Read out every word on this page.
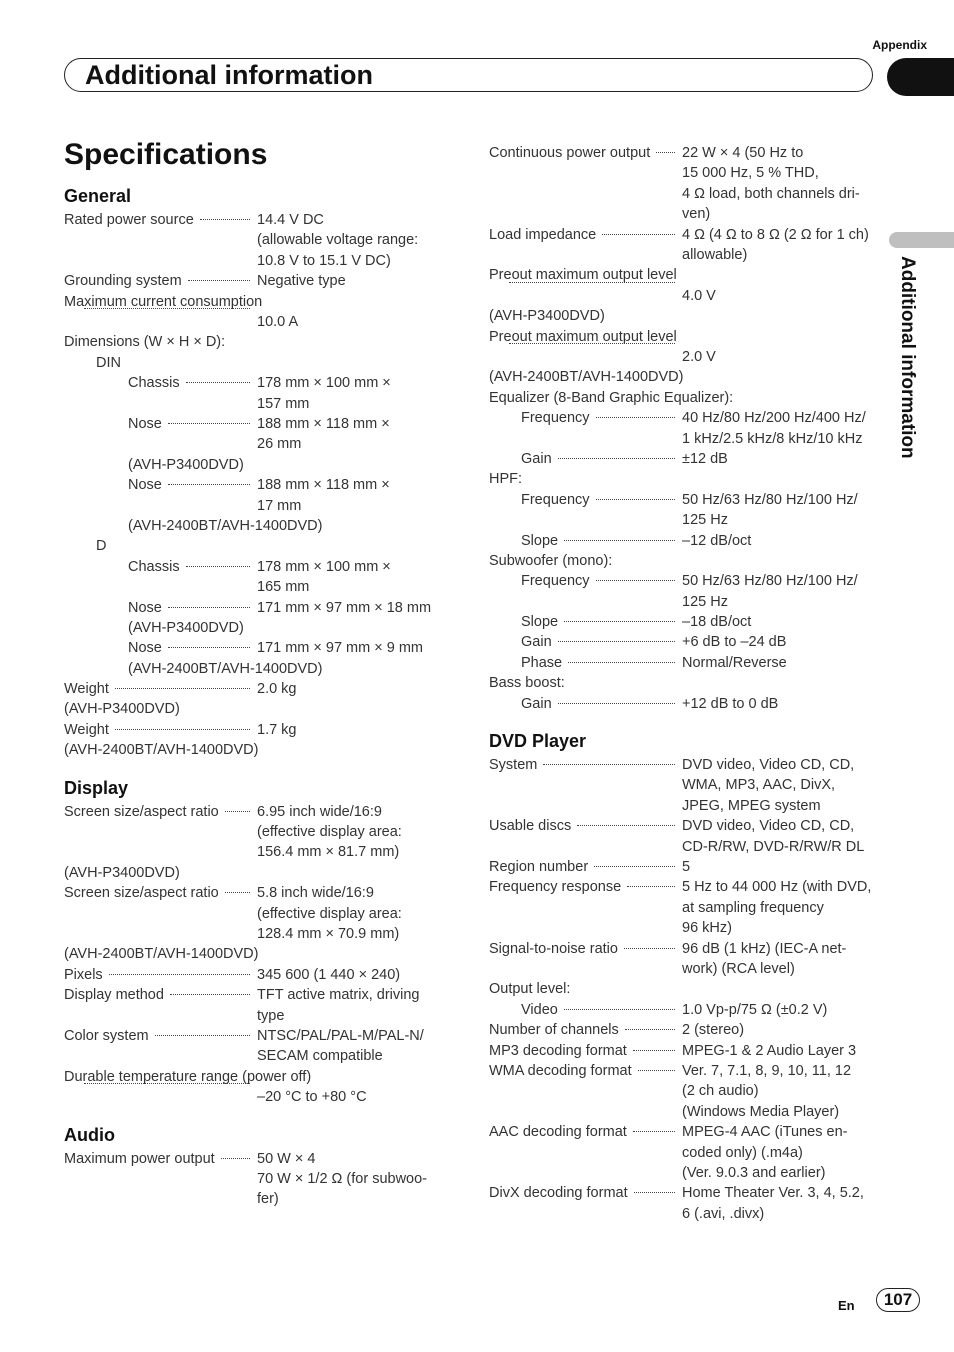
Appendix
Additional information
Additional information
Specifications
General
Rated power source	14.4 V DC
(allowable voltage range:
10.8 V to 15.1 V DC)
Grounding system	Negative type
Maximum current consumption
10.0 A
Dimensions (W × H × D):
DIN
Chassis	178 mm × 100 mm ×
157 mm
Nose	188 mm × 118 mm ×
26 mm
(AVH-P3400DVD)
Nose	188 mm × 118 mm ×
17 mm
(AVH-2400BT/AVH-1400DVD)
D
Chassis	178 mm × 100 mm ×
165 mm
Nose	171 mm × 97 mm × 18 mm
(AVH-P3400DVD)
Nose	171 mm × 97 mm × 9 mm
(AVH-2400BT/AVH-1400DVD)
Weight	2.0 kg
(AVH-P3400DVD)
Weight	1.7 kg
(AVH-2400BT/AVH-1400DVD)
Display
Screen size/aspect ratio	6.95 inch wide/16:9
(effective display area:
156.4 mm × 81.7 mm)
(AVH-P3400DVD)
Screen size/aspect ratio	5.8 inch wide/16:9
(effective display area:
128.4 mm × 70.9 mm)
(AVH-2400BT/AVH-1400DVD)
Pixels	345 600 (1 440 × 240)
Display method	TFT active matrix, driving
type
Color system	NTSC/PAL/PAL-M/PAL-N/
SECAM compatible
Durable temperature range (power off)
–20 °C to +80 °C
Audio
Maximum power output	50 W × 4
70 W × 1/2 Ω (for subwoo-
fer)
Continuous power output 22 W × 4 (50 Hz to
15 000 Hz, 5 % THD,
4 Ω load, both channels dri-
ven)
Load impedance	4 Ω (4 Ω to 8 Ω (2 Ω for 1 ch)
allowable)
Preout maximum output level
4.0 V
(AVH-P3400DVD)
Preout maximum output level
2.0 V
(AVH-2400BT/AVH-1400DVD)
Equalizer (8-Band Graphic Equalizer):
Frequency	40 Hz/80 Hz/200 Hz/400 Hz/
1 kHz/2.5 kHz/8 kHz/10 kHz
Gain	±12 dB
HPF:
Frequency	50 Hz/63 Hz/80 Hz/100 Hz/
125 Hz
Slope	–12 dB/oct
Subwoofer (mono):
Frequency	50 Hz/63 Hz/80 Hz/100 Hz/
125 Hz
Slope	–18 dB/oct
Gain	+6 dB to –24 dB
Phase	Normal/Reverse
Bass boost:
Gain	+12 dB to 0 dB
DVD Player
System	DVD video, Video CD, CD,
WMA, MP3, AAC, DivX,
JPEG, MPEG system
Usable discs	DVD video, Video CD, CD,
CD-R/RW, DVD-R/RW/R DL
Region number	5
Frequency response	5 Hz to 44 000 Hz (with DVD,
at sampling frequency
96 kHz)
Signal-to-noise ratio	96 dB (1 kHz) (IEC-A net-
work) (RCA level)
Output level:
Video	1.0 Vp-p/75 Ω (±0.2 V)
Number of channels	2 (stereo)
MP3 decoding format	MPEG-1 & 2 Audio Layer 3
WMA decoding format	Ver. 7, 7.1, 8, 9, 10, 11, 12
(2 ch audio)
(Windows Media Player)
AAC decoding format	MPEG-4 AAC (iTunes en-
coded only) (.m4a)
(Ver. 9.0.3 and earlier)
DivX decoding format	Home Theater Ver. 3, 4, 5.2,
6 (.avi, .divx)
En	107
